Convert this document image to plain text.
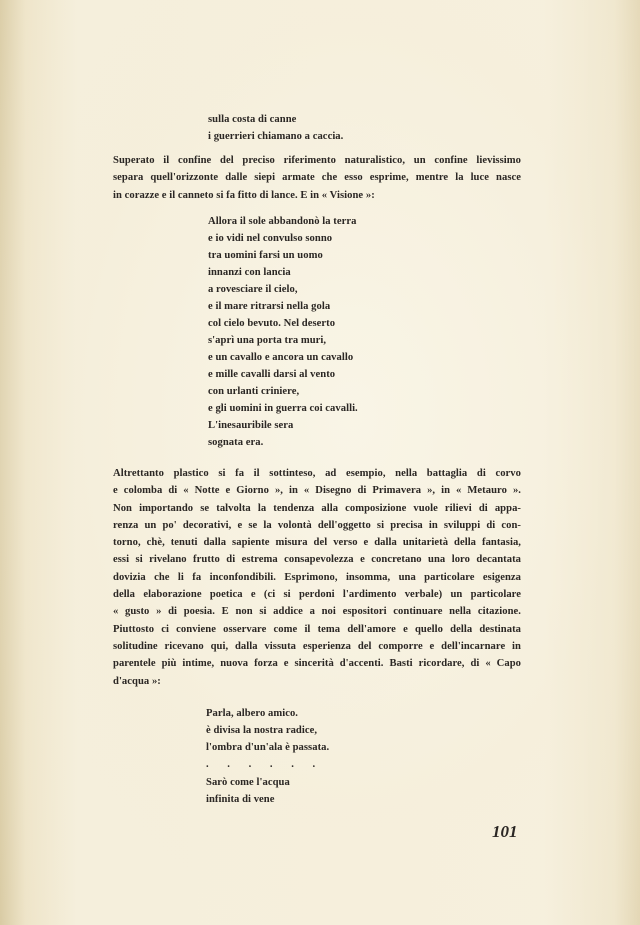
sulla costa di canne
i guerrieri chiamano a caccia.
Superato il confine del preciso riferimento naturalistico, un confine lievissimo
separa quell'orizzonte dalle siepi armate che esso esprime, mentre la luce nasce
in corazze e il canneto si fa fitto di lance. E in « Visione »:
Allora il sole abbandonò la terra
e io vidi nel convulso sonno
tra uomini farsi un uomo
innanzi con lancia
a rovesciare il cielo,
e il mare ritrarsi nella gola
col cielo bevuto. Nel deserto
s'aprì una porta tra muri,
e un cavallo e ancora un cavallo
e mille cavalli darsi al vento
con urlanti criniere,
e gli uomini in guerra coi cavalli.
L'inesauribile sera
sognata era.
Altrettanto plastico si fa il sottinteso, ad esempio, nella battaglia di corvo
e colomba di « Notte e Giorno », in « Disegno di Primavera », in « Metauro ».
Non importando se talvolta la tendenza alla composizione vuole rilievi di appa-
renza un po' decorativi, e se la volontà dell'oggetto si precisa in sviluppi di con-
torno, chè, tenuti dalla sapiente misura del verso e dalla unitarietà della fantasia,
essi si rivelano frutto di estrema consapevolezza e concretano una loro decantata
dovizia che li fa inconfondibili. Esprimono, insomma, una particolare esigenza
della elaborazione poetica e (ci si perdoni l'ardimento verbale) un particolare
« gusto » di poesia. E non si addice a noi espositori continuare nella citazione.
Piuttosto ci conviene osservare come il tema dell'amore e quello della destinata
solitudine ricevano qui, dalla vissuta esperienza del comporre e dell'incarnare in
parentele più intime, nuova forza e sincerità d'accenti. Basti ricordare, di « Capo
d'acqua »:
Parla, albero amico.
è divisa la nostra radice,
l'ombra d'un'ala è passata.
. . . . . .
Sarò come l'acqua
infinita di vene
101
